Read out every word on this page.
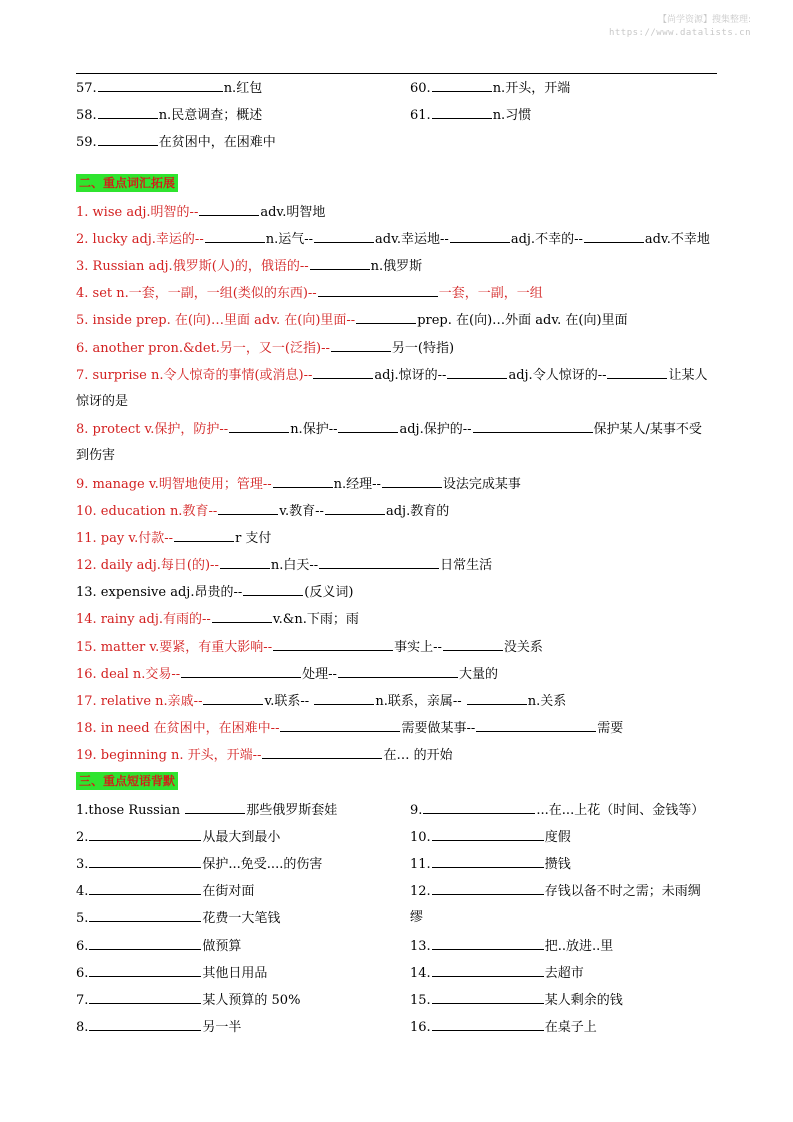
【尚学资源】搜集整理:
https://www.datalists.cn
57.	n.红包	60.	n.开头，开端
58.	n.民意调查；概述	61.	n.习惯
59.	在贫困中，在困难中
二、重点词汇拓展
1. wise adj.明智的--	adv.明智地
2. lucky adj.幸运的--	n.运气--	adv.幸运地--	adj.不幸的--	adv.不幸地
3. Russian adj.俄罗斯(人)的，俄语的--	n.俄罗斯
4. set n.一套，一副，一组(类似的东西)--	一套，一副，一组
5. inside prep. 在(向)…里面 adv. 在(向)里面--	prep. 在(向)…外面 adv. 在(向)里面
6. another pron.&det.另一，又一(泛指)--	另一(特指)
7. surprise n.令人惊奇的事情(或消息)--	adj.惊讶的--	adj.令人惊讶的--	让某人
惊讶的是
8. protect v.保护，防护--	n.保护--	adj.保护的--	保护某人/某事不受
到伤害
9. manage v.明智地使用；管理--	n.经理--	设法完成某事
10. education n.教育--	v.教育--	adj.教育的
11. pay v.付款--	r 支付
12. daily adj.每日(的)--	n.白天--	日常生活
13. expensive adj.昂贵的--	(反义词)
14. rainy adj.有雨的--	v.&n.下雨；雨
15. matter v.要紧，有重大影响--	事实上--	没关系
16. deal n.交易--	处理--	大量的
17. relative n.亲戚--	v.联系--	n.联系，亲属--	n.关系
18. in need 在贫困中，在困难中--	需要做某事--	需要
19. beginning n. 开头，开端--	在… 的开始
三、重点短语背默
1.those Russian	那些俄罗斯套娃
2.	从最大到最小
3.	保护...免受....的伤害
4.	在街对面
5.	花费一大笔钱
6.	做预算
6.	其他日用品
7.	某人预算的 50%
8.	另一半
9.	...在...上花（时间、金钱等）
10.	度假
11.	攒钱
12.	存钱以备不时之需；未雨绸
缪
13.	把..放进..里
14.	去超市
15.	某人剩余的钱
16.	在桌子上
